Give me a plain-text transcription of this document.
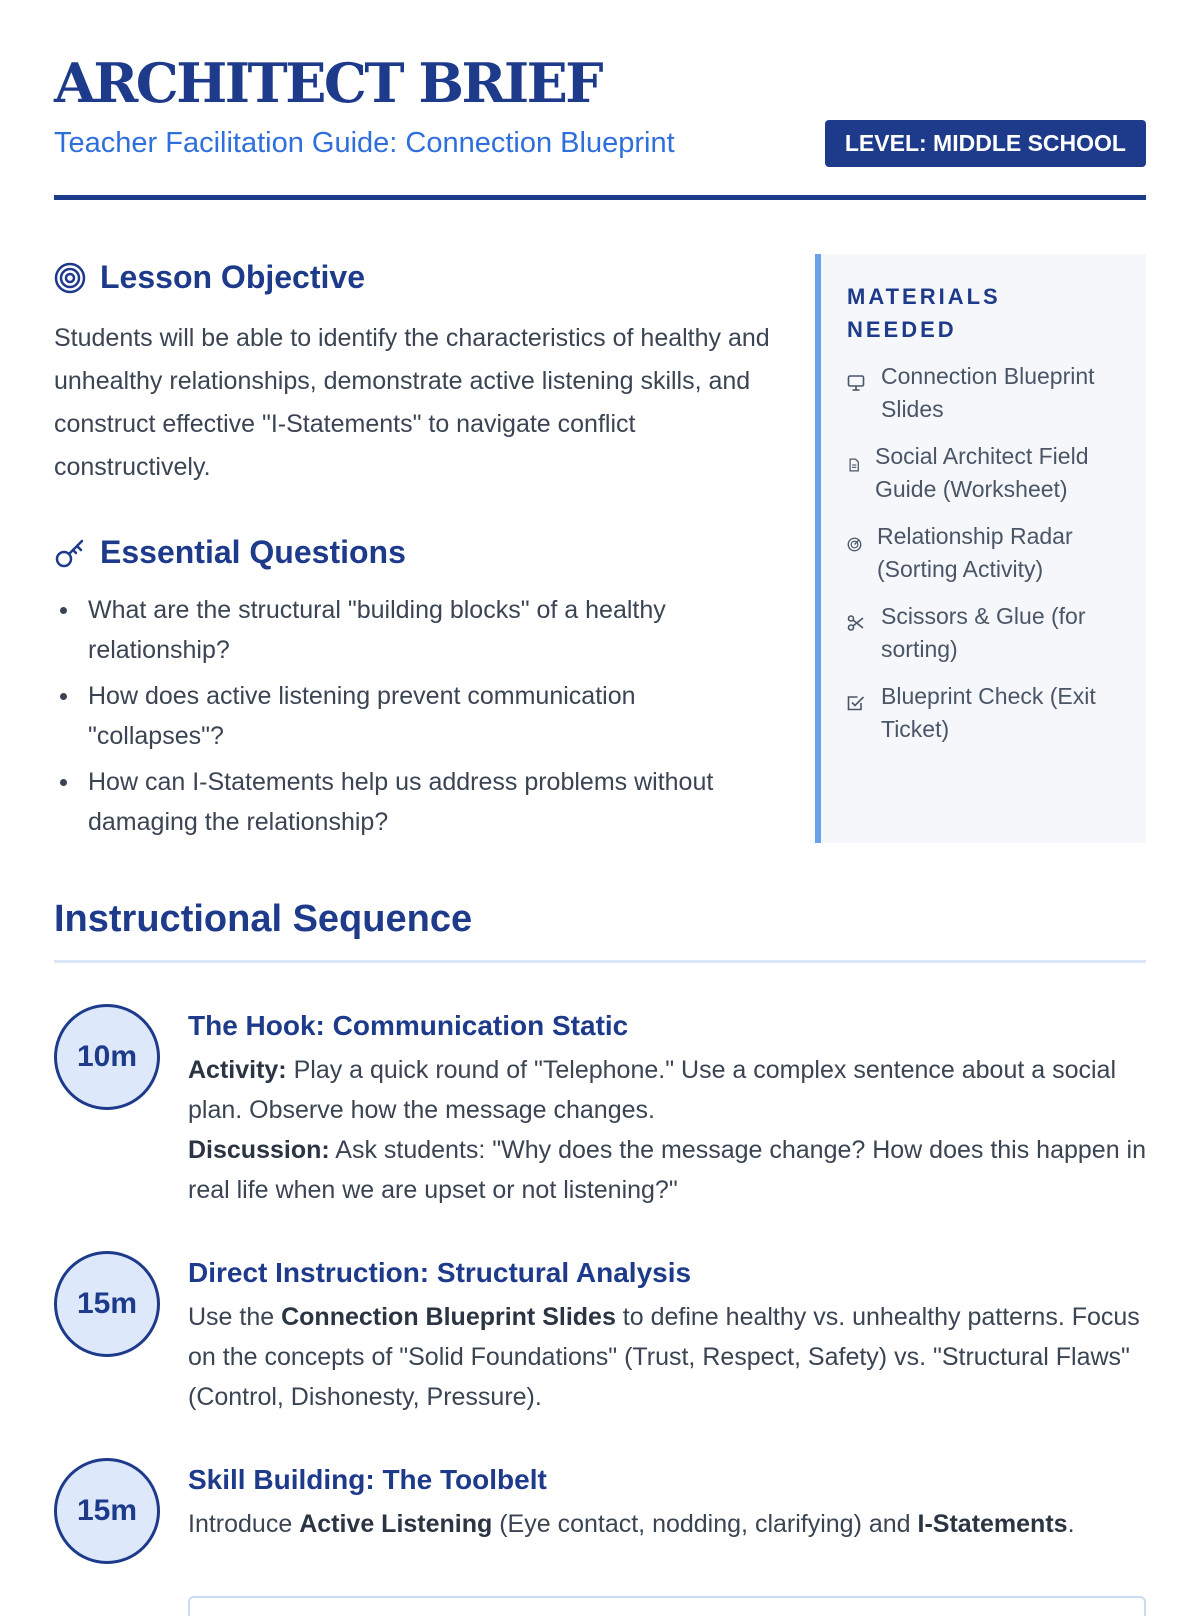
ARCHITECT BRIEF
Teacher Facilitation Guide: Connection Blueprint	LEVEL: MIDDLE SCHOOL
Lesson Objective

Students will be able to identify the characteristics of healthy and unhealthy relationships, demonstrate active listening skills, and construct effective "I-Statements" to navigate conflict constructively.

Essential Questions
What are the structural "building blocks" of a healthy relationship?
How does active listening prevent communication "collapses"?
How can I-Statements help us address problems without damaging the relationship?
MATERIALS NEEDED
Connection Blueprint Slides
Social Architect Field Guide (Worksheet)
Relationship Radar (Sorting Activity)
Scissors & Glue (for sorting)
Blueprint Check (Exit Ticket)
Instructional Sequence
10m
The Hook: Communication Static
Activity: Play a quick round of "Telephone." Use a complex sentence about a social plan. Observe how the message changes.
Discussion: Ask students: "Why does the message change? How does this happen in real life when we are upset or not listening?"
15m
Direct Instruction: Structural Analysis
Use the Connection Blueprint Slides to define healthy vs. unhealthy patterns. Focus on the concepts of "Solid Foundations" (Trust, Respect, Safety) vs. "Structural Flaws" (Control, Dishonesty, Pressure).
15m
Skill Building: The Toolbelt
Introduce Active Listening (Eye contact, nodding, clarifying) and I-Statements.
